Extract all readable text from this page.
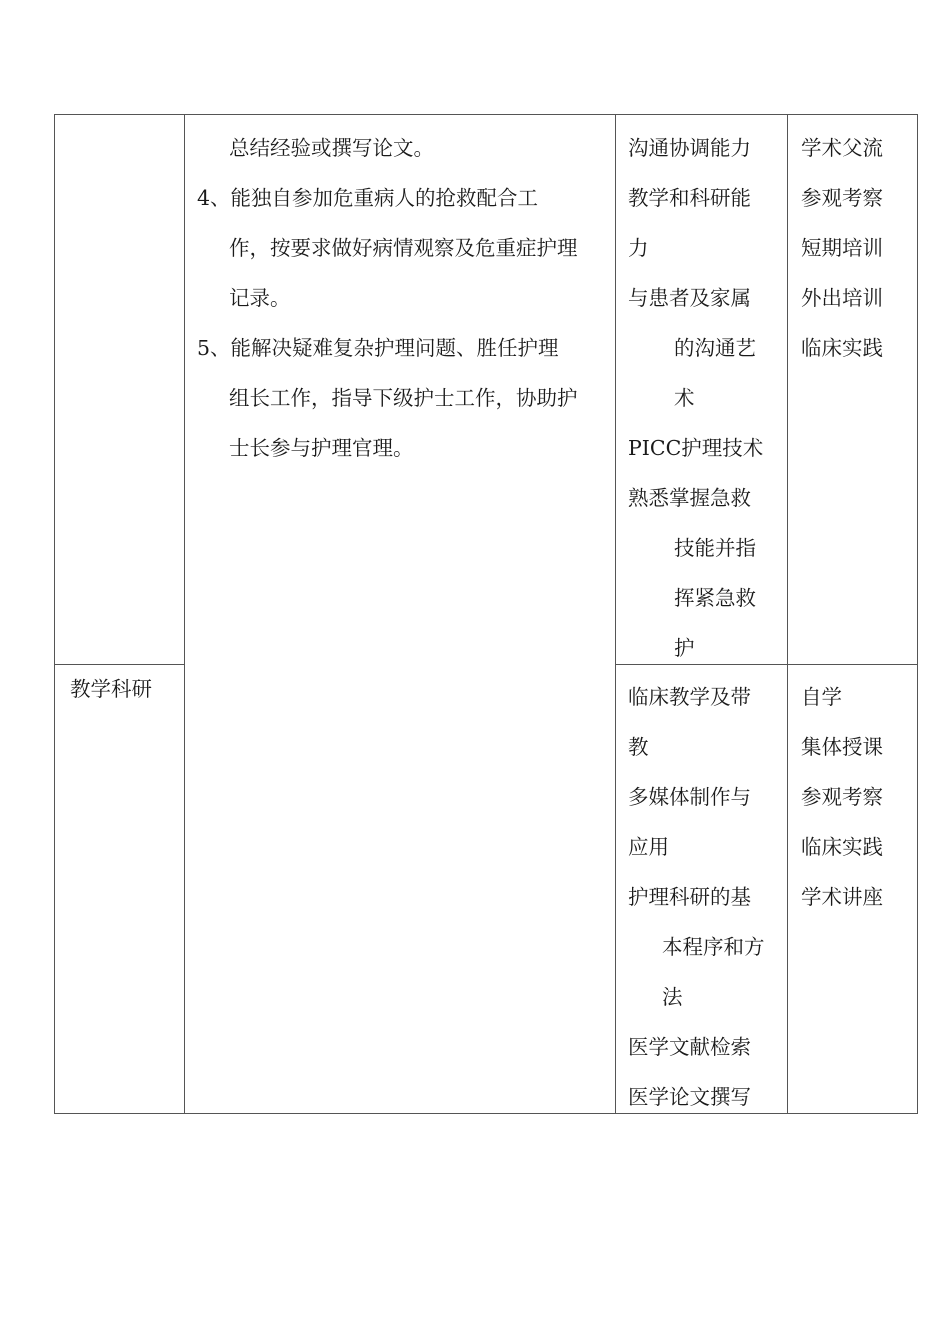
教学科研
总结经验或撰写论文。
4、能独自参加危重病人的抢救配合工
作，按要求做好病情观察及危重症护理
记录。
5、能解决疑难复杂护理问题、胜任护理
组长工作，指导下级护士工作，协助护
士长参与护理官理。
沟通协调能力
教学和科研能
力
与患者及家属
的沟通艺
术
PICC护理技术
熟悉掌握急救
技能并指
挥紧急救
护
学术父流
参观考察
短期培训
外出培训
临床实践
临床教学及带
教
多媒体制作与
应用
护理科研的基
本程序和方
法
医学文献检索
医学论文撰写
自学
集体授课
参观考察
临床实践
学术讲座
